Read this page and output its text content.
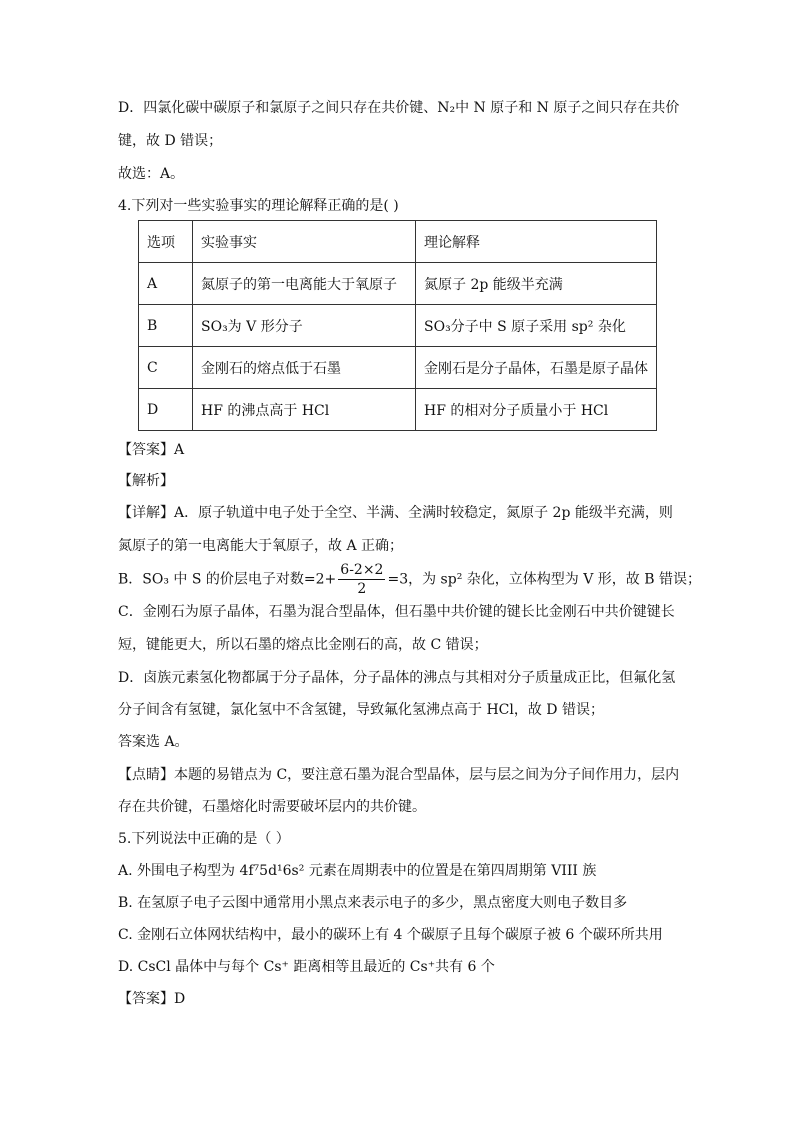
D．四氯化碳中碳原子和氯原子之间只存在共价键、N₂中 N 原子和 N 原子之间只存在共价
键，故 D 错误；
故选：A。
4.下列对一些实验事实的理论解释正确的是( )
选项	实验事实	理论解释
A	氮原子的第一电离能大于氧原子	氮原子 2p 能级半充满
B	SO₃为 V 形分子	SO₃分子中 S 原子采用 sp² 杂化
C	金刚石的熔点低于石墨	金刚石是分子晶体，石墨是原子晶体
D	HF 的沸点高于 HCl	HF 的相对分子质量小于 HCl
【答案】A
【解析】
【详解】A．原子轨道中电子处于全空、半满、全满时较稳定，氮原子 2p 能级半充满，则
氮原子的第一电离能大于氧原子，故 A 正确；
B．SO₃ 中 S 的价层电子对数$=2+ \frac{6-2\times 2}{2} =3$，为 sp² 杂化，立体构型为 V 形，故 B 错误；
C．金刚石为原子晶体，石墨为混合型晶体，但石墨中共价键的键长比金刚石中共价键键长
短，键能更大，所以石墨的熔点比金刚石的高，故 C 错误；
D．卤族元素氢化物都属于分子晶体，分子晶体的沸点与其相对分子质量成正比，但氟化氢
分子间含有氢键，氯化氢中不含氢键，导致氟化氢沸点高于 HCl，故 D 错误；
答案选 A。
【点睛】本题的易错点为 C，要注意石墨为混合型晶体，层与层之间为分子间作用力，层内
存在共价键，石墨熔化时需要破坏层内的共价键。
5.下列说法中正确的是（ ）
A. 外围电子构型为 4f⁷5d¹6s² 元素在周期表中的位置是在第四周期第 VIII 族
B. 在氢原子电子云图中通常用小黑点来表示电子的多少，黑点密度大则电子数目多
C. 金刚石立体网状结构中，最小的碳环上有 4 个碳原子且每个碳原子被 6 个碳环所共用
D. CsCl 晶体中与每个 Cs⁺ 距离相等且最近的 Cs⁺共有 6 个
【答案】D
